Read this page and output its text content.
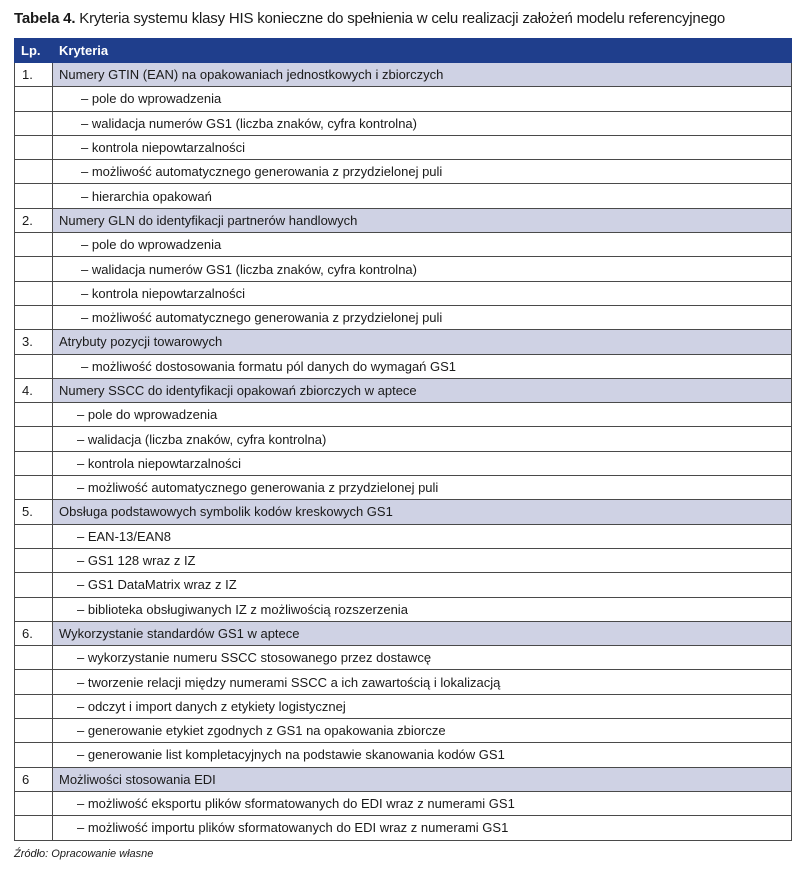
Tabela 4. Kryteria systemu klasy HIS konieczne do spełnienia w celu realizacji założeń modelu referencyjnego
Lp.	Kryteria
1.	Numery GTIN (EAN) na opakowaniach jednostkowych i zbiorczych
	– pole do wprowadzenia
	– walidacja numerów GS1 (liczba znaków, cyfra kontrolna)
	– kontrola niepowtarzalności
	– możliwość automatycznego generowania z przydzielonej puli
	– hierarchia opakowań
2.	Numery GLN do identyfikacji partnerów handlowych
	– pole do wprowadzenia
	– walidacja numerów GS1 (liczba znaków, cyfra kontrolna)
	– kontrola niepowtarzalności
	– możliwość automatycznego generowania z przydzielonej puli
3.	Atrybuty pozycji towarowych
	– możliwość dostosowania formatu pól danych do wymagań GS1
4.	Numery SSCC do identyfikacji opakowań zbiorczych w aptece
	– pole do wprowadzenia
	– walidacja (liczba znaków, cyfra kontrolna)
	– kontrola niepowtarzalności
	– możliwość automatycznego generowania z przydzielonej puli
5.	Obsługa podstawowych symbolik kodów kreskowych GS1
	– EAN-13/EAN8
	– GS1 128 wraz z IZ
	– GS1 DataMatrix wraz z IZ
	– biblioteka obsługiwanych IZ z możliwością rozszerzenia
6.	Wykorzystanie standardów GS1 w aptece
	– wykorzystanie numeru SSCC stosowanego przez dostawcę
	– tworzenie relacji między numerami SSCC a ich zawartością i lokalizacją
	– odczyt i import danych z etykiety logistycznej
	– generowanie etykiet zgodnych z GS1 na opakowania zbiorcze
	– generowanie list kompletacyjnych na podstawie skanowania kodów GS1
6	Możliwości stosowania EDI
	– możliwość eksportu plików sformatowanych do EDI wraz z numerami GS1
	– możliwość importu plików sformatowanych do EDI wraz z numerami GS1
Źródło: Opracowanie własne
